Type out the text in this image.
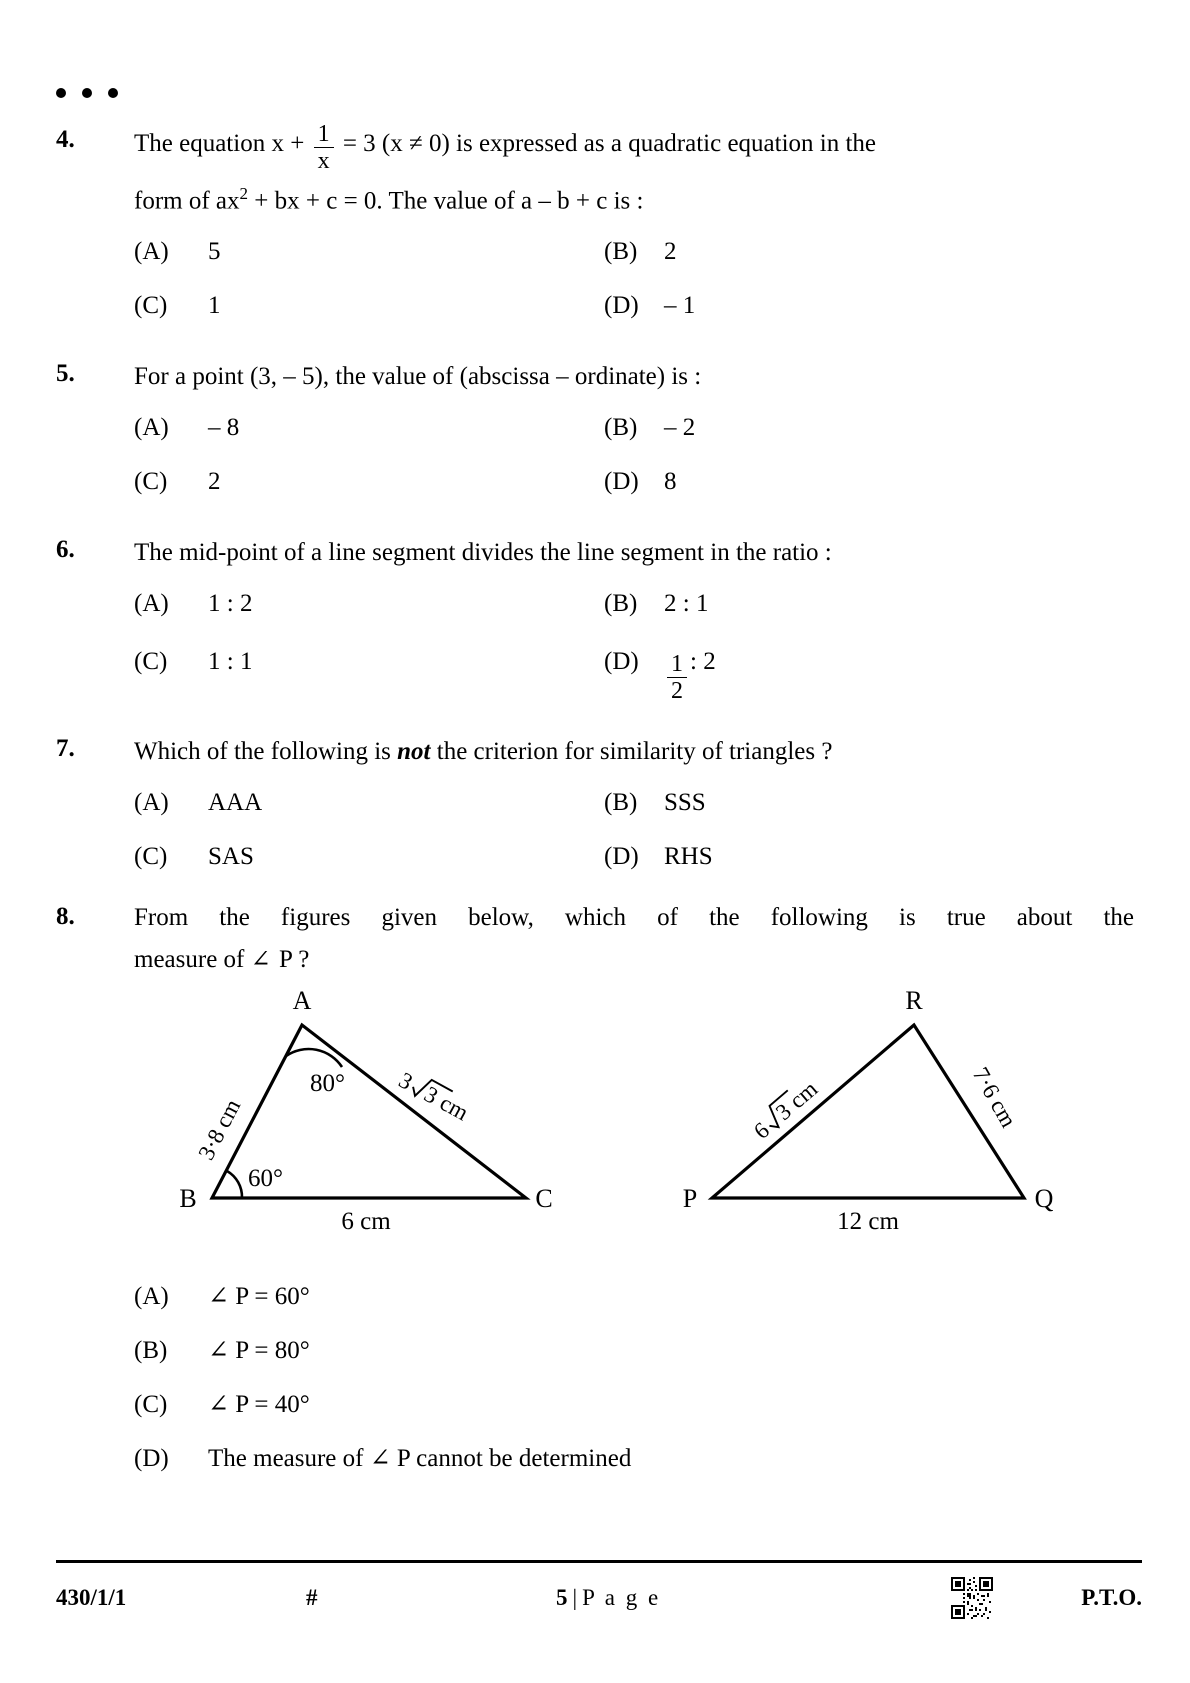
4.	The equation $x + \frac{1}{x} = 3$ (x ≠ 0) is expressed as a quadratic equation in the
form of $ax^2$ + bx + c = 0. The value of a – b + c is :
(A)	5	(B)	2
(C)	1	(D)	– 1
5.	For a point (3, – 5), the value of (abscissa – ordinate) is :
(A)	– 8	(B)	– 2
(C)	2	(D)	8
6.	The mid-point of a line segment divides the line segment in the ratio :
(A)	1 : 2	(B)	2 : 1
(C)	1 : 1	(D)	$\frac{1}{2}$ : 2
7.	Which of the following is not the criterion for similarity of triangles ?
(A)	AAA	(B)	SSS
(C)	SAS	(D)	RHS
8.	From the figures given below, which of the following is true about the
measure of ∠ P ?
A
B	C
80°
60°
3·8 cm
3
3
cm
6 cm
R
P	Q
6
3
cm	7·6 cm
12 cm
(A)	∠ P = 60°
(B)	∠ P = 80°
(C)	∠ P = 40°
(D)	The measure of ∠ P cannot be determined
430/1/1	#	5 | P a g e	P.T.O.
